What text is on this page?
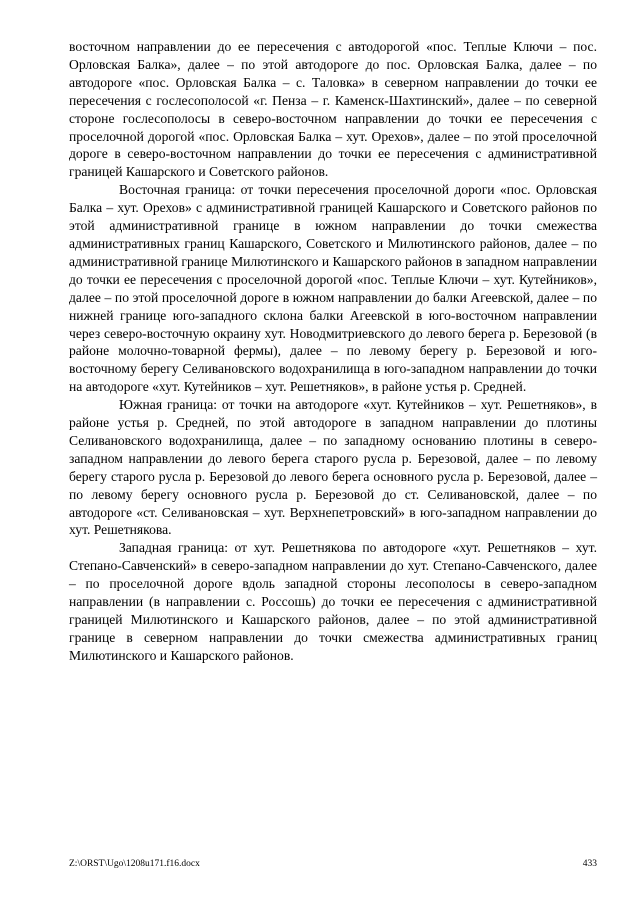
восточном направлении до ее пересечения с автодорогой «пос. Теплые Ключи – пос. Орловская Балка», далее – по этой автодороге до пос. Орловская Балка, далее – по автодороге «пос. Орловская Балка – с. Таловка» в северном направлении до точки ее пересечения с гослесополосой «г. Пенза – г. Каменск-Шахтинский», далее – по северной стороне гослесополосы в северо-восточном направлении до точки ее пересечения с проселочной дорогой «пос. Орловская Балка – хут. Орехов», далее – по этой проселочной дороге в северо-восточном направлении до точки ее пересечения с административной границей Кашарского и Советского районов.

Восточная граница: от точки пересечения проселочной дороги «пос. Орловская Балка – хут. Орехов» с административной границей Кашарского и Советского районов по этой административной границе в южном направлении до точки смежества административных границ Кашарского, Советского и Милютинского районов, далее – по административной границе Милютинского и Кашарского районов в западном направлении до точки ее пересечения с проселочной дорогой «пос. Теплые Ключи – хут. Кутейников», далее – по этой проселочной дороге в южном направлении до балки Агеевской, далее – по нижней границе юго-западного склона балки Агеевской в юго-восточном направлении через северо-восточную окраину хут. Новодмитриевского до левого берега р. Березовой (в районе молочно-товарной фермы), далее – по левому берегу р. Березовой и юго-восточному берегу Селивановского водохранилища в юго-западном направлении до точки на автодороге «хут. Кутейников – хут. Решетняков», в районе устья р. Средней.

Южная граница: от точки на автодороге «хут. Кутейников – хут. Решетняков», в районе устья р. Средней, по этой автодороге в западном направлении до плотины Селивановского водохранилища, далее – по западному основанию плотины в северо-западном направлении до левого берега старого русла р. Березовой, далее – по левому берегу старого русла р. Березовой до левого берега основного русла р. Березовой, далее – по левому берегу основного русла р. Березовой до ст. Селивановской, далее – по автодороге «ст. Селивановская – хут. Верхнепетровский» в юго-западном направлении до хут. Решетнякова.

Западная граница: от хут. Решетнякова по автодороге «хут. Решетняков – хут. Степано-Савченский» в северо-западном направлении до хут. Степано-Савченского, далее – по проселочной дороге вдоль западной стороны лесополосы в северо-западном направлении (в направлении с. Россошь) до точки ее пересечения с административной границей Милютинского и Кашарского районов, далее – по этой административной границе в северном направлении до точки смежества административных границ Милютинского и Кашарского районов.

Z:\ORST\Ugo\1208u171.f16.docx	433
